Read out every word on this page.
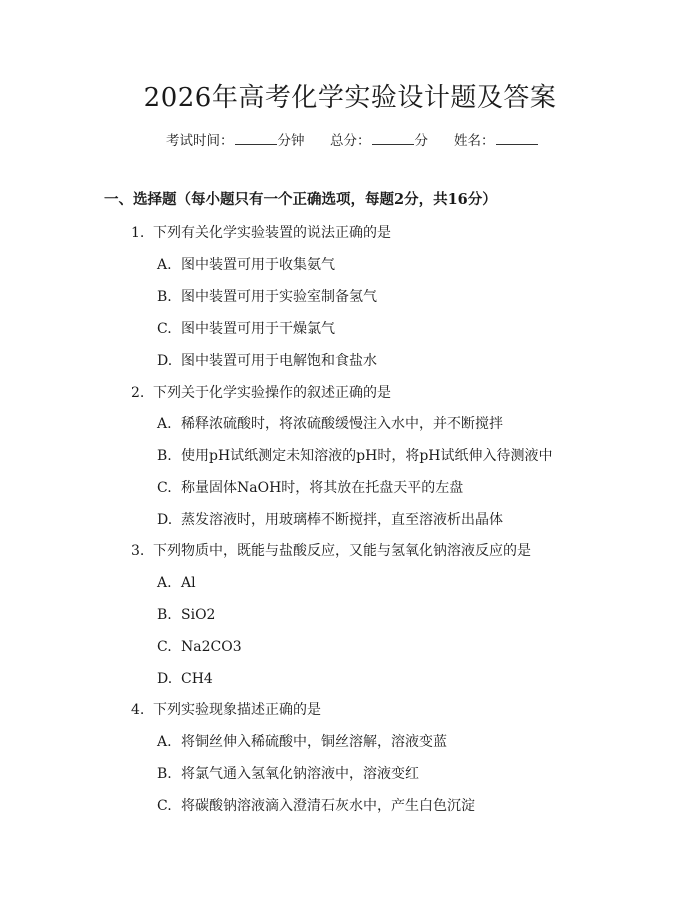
2026年高考化学实验设计题及答案
考试时间：	分钟 总分：	分 姓名：
一、选择题（每小题只有一个正确选项，每题2分，共16分）
1. 下列有关化学实验装置的说法正确的是
A. 图中装置可用于收集氨气
B. 图中装置可用于实验室制备氢气
C. 图中装置可用于干燥氯气
D. 图中装置可用于电解饱和食盐水
2. 下列关于化学实验操作的叙述正确的是
A. 稀释浓硫酸时，将浓硫酸缓慢注入水中，并不断搅拌
B. 使用pH试纸测定未知溶液的pH时，将pH试纸伸入待测液中
C. 称量固体NaOH时，将其放在托盘天平的左盘
D. 蒸发溶液时，用玻璃棒不断搅拌，直至溶液析出晶体
3. 下列物质中，既能与盐酸反应，又能与氢氧化钠溶液反应的是
A. Al
B. SiO2
C. Na2CO3
D. CH4
4. 下列实验现象描述正确的是
A. 将铜丝伸入稀硫酸中，铜丝溶解，溶液变蓝
B. 将氯气通入氢氧化钠溶液中，溶液变红
C. 将碳酸钠溶液滴入澄清石灰水中，产生白色沉淀
